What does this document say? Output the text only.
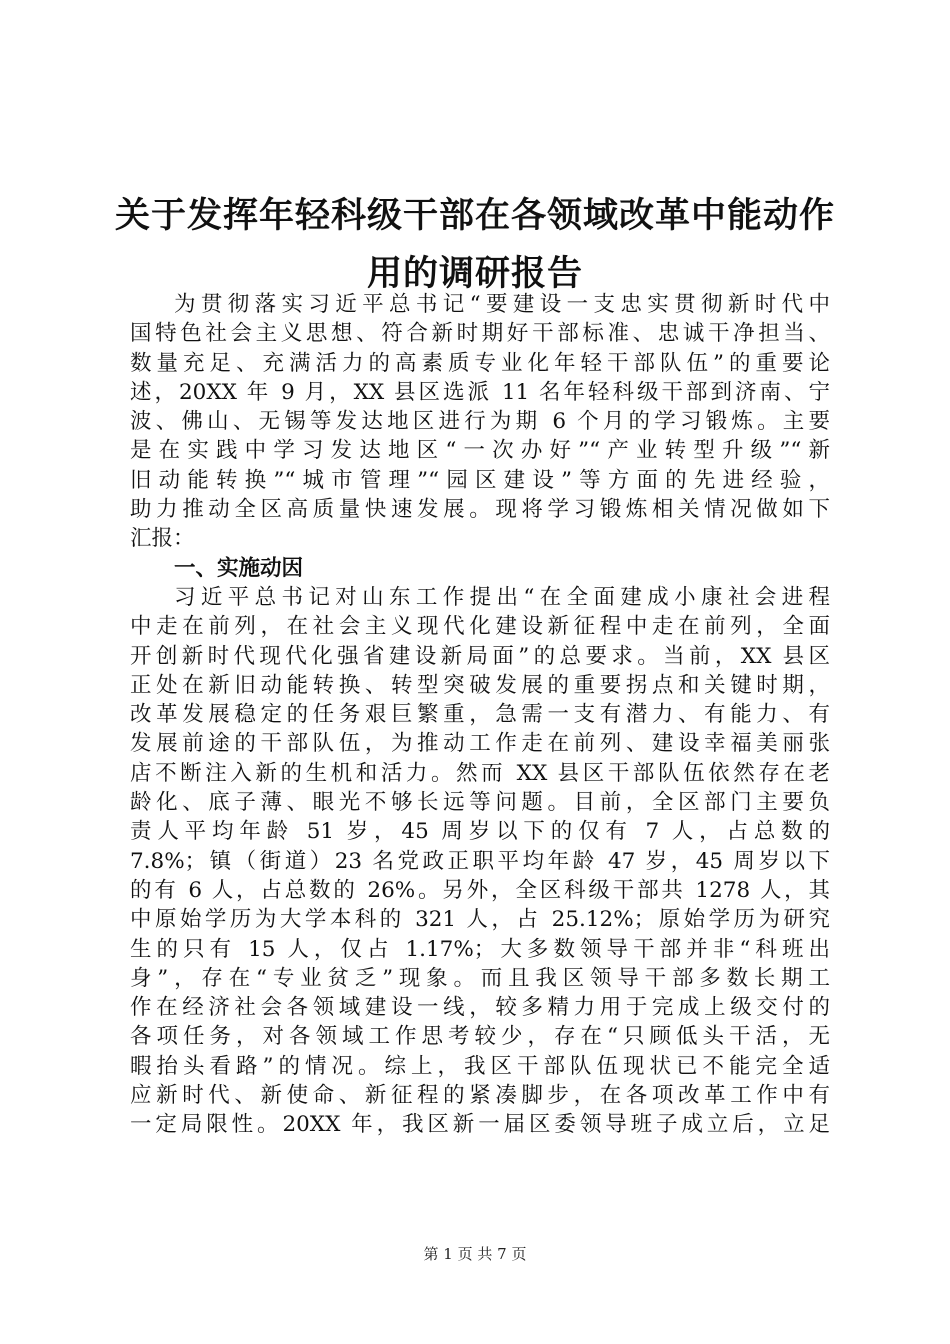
关于发挥年轻科级干部在各领域改革中能动作
用的调研报告
为贯彻落实习近平总书记“要建设一支忠实贯彻新时代中
国特色社会主义思想、符合新时期好干部标准、忠诚干净担当、
数量充足、充满活力的高素质专业化年轻干部队伍”的重要论
述，20XX 年 9 月，XX 县区选派 11 名年轻科级干部到济南、宁
波、佛山、无锡等发达地区进行为期 6 个月的学习锻炼。主要
是在实践中学习发达地区“一次办好”“产业转型升级”“新
旧动能转换”“城市管理”“园区建设”等方面的先进经验，
助力推动全区高质量快速发展。现将学习锻炼相关情况做如下
汇报：
一、实施动因
习近平总书记对山东工作提出“在全面建成小康社会进程
中走在前列，在社会主义现代化建设新征程中走在前列，全面
开创新时代现代化强省建设新局面”的总要求。当前，XX 县区
正处在新旧动能转换、转型突破发展的重要拐点和关键时期，
改革发展稳定的任务艰巨繁重，急需一支有潜力、有能力、有
发展前途的干部队伍，为推动工作走在前列、建设幸福美丽张
店不断注入新的生机和活力。然而 XX 县区干部队伍依然存在老
龄化、底子薄、眼光不够长远等问题。目前，全区部门主要负
责人平均年龄 51 岁，45 周岁以下的仅有 7 人，占总数的
7.8%；镇（街道）23 名党政正职平均年龄 47 岁，45 周岁以下
的有 6 人，占总数的 26%。另外，全区科级干部共 1278 人，其
中原始学历为大学本科的 321 人，占 25.12%；原始学历为研究
生的只有 15 人，仅占 1.17%；大多数领导干部并非“科班出
身”，存在“专业贫乏”现象。而且我区领导干部多数长期工
作在经济社会各领域建设一线，较多精力用于完成上级交付的
各项任务，对各领域工作思考较少，存在“只顾低头干活，无
暇抬头看路”的情况。综上，我区干部队伍现状已不能完全适
应新时代、新使命、新征程的紧凑脚步，在各项改革工作中有
一定局限性。20XX 年，我区新一届区委领导班子成立后，立足
第 1 页 共 7 页
